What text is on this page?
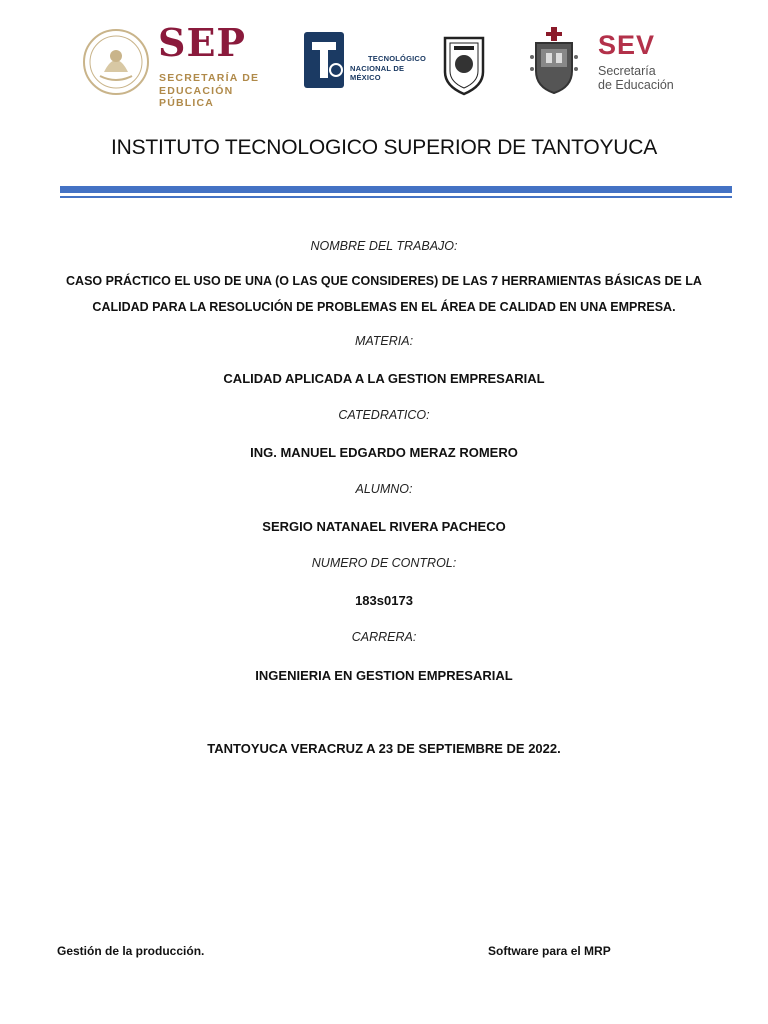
SEP
SECRETARÍA DE
EDUCACIÓN PÚBLICA
TECNOLÓGICO
NACIONAL DE MÉXICO
SEV
Secretaría
de Educación
INSTITUTO TECNOLOGICO SUPERIOR DE TANTOYUCA
NOMBRE DEL TRABAJO:
CASO PRÁCTICO EL USO DE UNA (O LAS QUE CONSIDERES) DE LAS 7 HERRAMIENTAS BÁSICAS DE LA CALIDAD PARA LA RESOLUCIÓN DE PROBLEMAS EN EL ÁREA DE CALIDAD EN UNA EMPRESA.
MATERIA:
CALIDAD APLICADA A LA GESTION EMPRESARIAL
CATEDRATICO:
ING. MANUEL EDGARDO MERAZ ROMERO
ALUMNO:
SERGIO NATANAEL RIVERA PACHECO
NUMERO DE CONTROL:
183s0173
CARRERA:
INGENIERIA EN GESTION EMPRESARIAL
TANTOYUCA VERACRUZ A 23 DE SEPTIEMBRE DE 2022.
Gestión de la producción.	Software para el MRP
